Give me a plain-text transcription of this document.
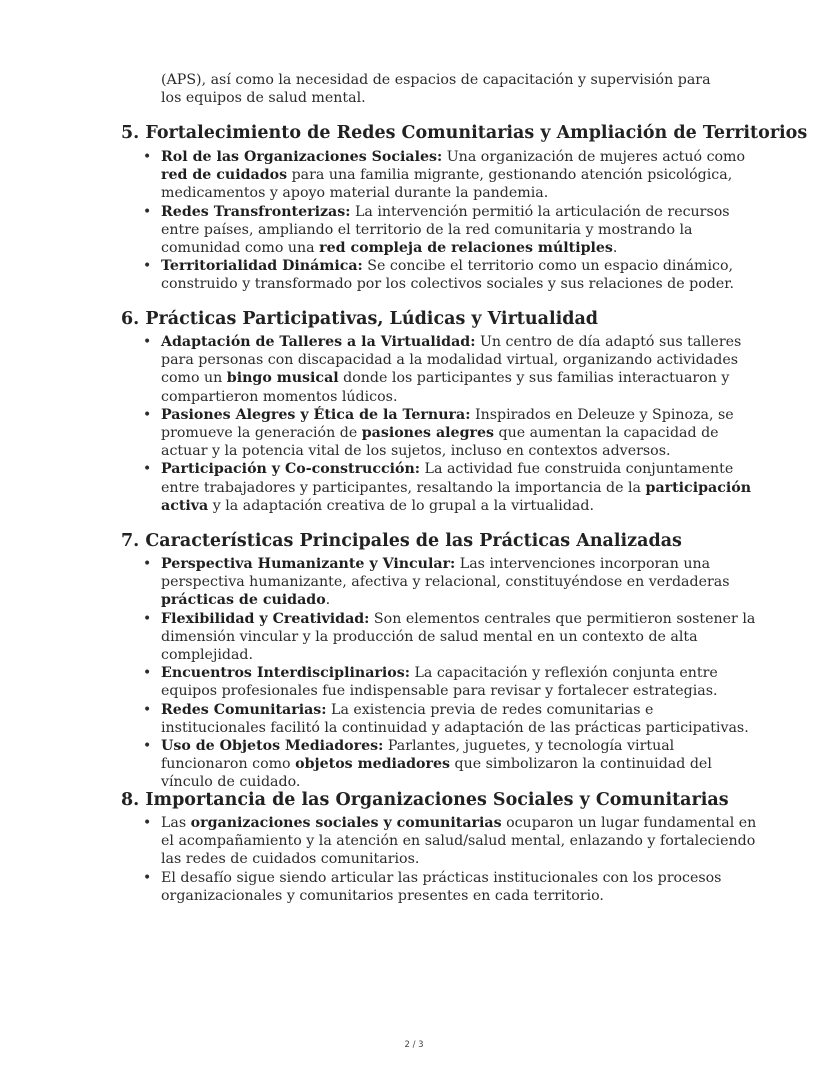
(APS), así como la necesidad de espacios de capacitación y supervisión para los equipos de salud mental.

5. Fortalecimiento de Redes Comunitarias y Ampliación de Territorios
• Rol de las Organizaciones Sociales: Una organización de mujeres actuó como red de cuidados para una familia migrante, gestionando atención psicológica, medicamentos y apoyo material durante la pandemia.
• Redes Transfronterizas: La intervención permitió la articulación de recursos entre países, ampliando el territorio de la red comunitaria y mostrando la comunidad como una red compleja de relaciones múltiples.
• Territorialidad Dinámica: Se concibe el territorio como un espacio dinámico, construido y transformado por los colectivos sociales y sus relaciones de poder.
6. Prácticas Participativas, Lúdicas y Virtualidad
• Adaptación de Talleres a la Virtualidad: Un centro de día adaptó sus talleres para personas con discapacidad a la modalidad virtual, organizando actividades como un bingo musical donde los participantes y sus familias interactuaron y compartieron momentos lúdicos.
• Pasiones Alegres y Ética de la Ternura: Inspirados en Deleuze y Spinoza, se promueve la generación de pasiones alegres que aumentan la capacidad de actuar y la potencia vital de los sujetos, incluso en contextos adversos.
• Participación y Co-construcción: La actividad fue construida conjuntamente entre trabajadores y participantes, resaltando la importancia de la participación activa y la adaptación creativa de lo grupal a la virtualidad.
7. Características Principales de las Prácticas Analizadas
• Perspectiva Humanizante y Vincular: Las intervenciones incorporan una perspectiva humanizante, afectiva y relacional, constituyéndose en verdaderas prácticas de cuidado.
• Flexibilidad y Creatividad: Son elementos centrales que permitieron sostener la dimensión vincular y la producción de salud mental en un contexto de alta complejidad.
• Encuentros Interdisciplinarios: La capacitación y reflexión conjunta entre equipos profesionales fue indispensable para revisar y fortalecer estrategias.
• Redes Comunitarias: La existencia previa de redes comunitarias e institucionales facilitó la continuidad y adaptación de las prácticas participativas.
• Uso de Objetos Mediadores: Parlantes, juguetes, y tecnología virtual funcionaron como objetos mediadores que simbolizaron la continuidad del vínculo de cuidado.
8. Importancia de las Organizaciones Sociales y Comunitarias
• Las organizaciones sociales y comunitarias ocuparon un lugar fundamental en el acompañamiento y la atención en salud/salud mental, enlazando y fortaleciendo las redes de cuidados comunitarios.
• El desafío sigue siendo articular las prácticas institucionales con los procesos organizacionales y comunitarios presentes en cada territorio.
2 / 3
